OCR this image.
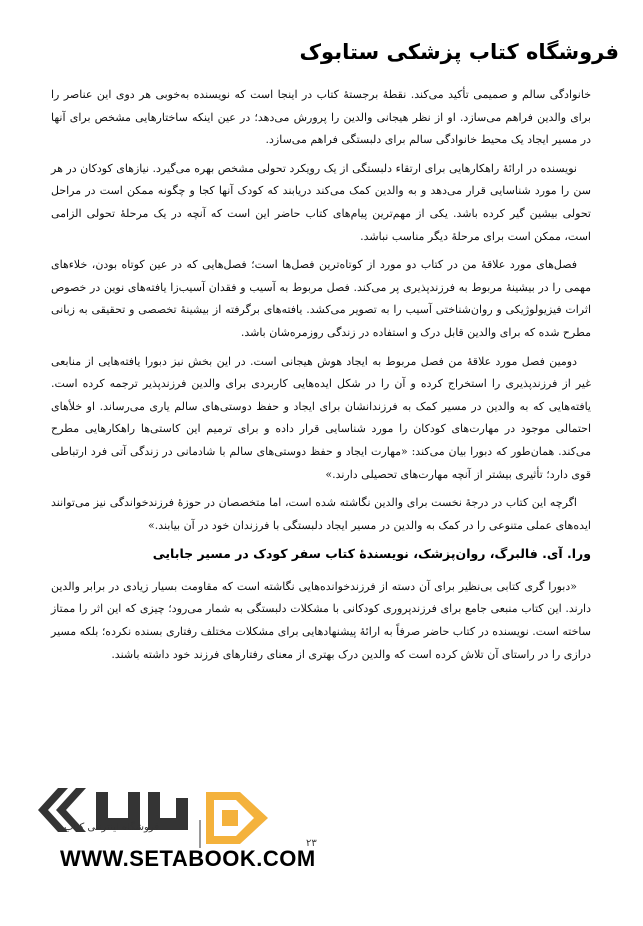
فروشگاه کتاب پزشکی ستابوک

خانوادگی سالم و صمیمی تأکید می‌کند. نقطهٔ برجستهٔ کتاب در اینجا است که نویسنده به‌خوبی هر دوی این عناصر را برای والدین فراهم می‌سازد. او از نظر هیجانی والدین را پرورش می‌دهد؛ در عین اینکه ساختارهایی مشخص برای آنها در مسیر ایجاد یک محیط خانوادگی سالم برای دلبستگی فراهم می‌سازد.

نویسنده در ارائهٔ راهکارهایی برای ارتقاء دلبستگی از یک رویکرد تحولی مشخص بهره می‌گیرد. نیازهای کودکان در هر سن را مورد شناسایی قرار می‌دهد و به والدین کمک می‌کند دریابند که کودک آنها کجا و چگونه ممکن است در مراحل تحولی بیشین گیر کرده باشد. یکی از مهم‌ترین پیام‌های کتاب حاضر این است که آنچه در یک مرحلهٔ تحولی الزامی است، ممکن است برای مرحلهٔ دیگر مناسب نباشد.

فصل‌های مورد علاقهٔ من در کتاب دو مورد از کوتاه‌ترین فصل‌ها است؛ فصل‌هایی که در عین کوتاه بودن، خلاءهای مهمی را در بیشینهٔ مربوط به فرزندپذیری پر می‌کند. فصل مربوط به آسیب و فقدان آسیب‌زا یافته‌های نوین در خصوص اثرات فیزیولوژیکی و روان‌شناختی آسیب را به تصویر می‌کشد. یافته‌های برگرفته از بیشینهٔ تخصصی و تحقیقی به زبانی مطرح شده که برای والدین قابل درک و استفاده در زندگی روزمره‌شان باشد.

دومین فصل مورد علاقهٔ من فصل مربوط به ایجاد هوش هیجانی است. در این بخش نیز دبورا یافته‌هایی از منابعی غیر از فرزندپذیری را استخراج کرده و آن را در شکل ایده‌هایی کاربردی برای والدین فرزندپذیر ترجمه کرده است. یافته‌هایی که به والدین در مسیر کمک به فرزندانشان برای ایجاد و حفظ دوستی‌های سالم یاری می‌رساند. او خلأهای احتمالی موجود در مهارت‌های کودکان را مورد شناسایی قرار داده و برای ترمیم این کاستی‌ها راهکارهایی مطرح می‌کند. همان‌طور که دبورا بیان می‌کند: «مهارت ایجاد و حفظ دوستی‌های سالم با شادمانی در زندگی آتی فرد ارتباطی قوی دارد؛ تأثیری بیشتر از آنچه مهارت‌های تحصیلی دارند.»

اگرچه این کتاب در درجهٔ نخست برای والدین نگاشته شده است، اما متخصصان در حوزهٔ فرزندخواندگی نیز می‌توانند ایده‌های عملی متنوعی را در کمک به والدین در مسیر ایجاد دلبستگی با فرزندان خود در آن بیابند.»

ورا. آی. فالبرگ، روان‌پزشک، نویسندهٔ کتاب سفر کودک در مسیر جابایی

«دبورا گری کتابی بی‌نظیر برای آن دسته از فرزندخوانده‌هایی نگاشته است که مقاومت بسیار زیادی در برابر والدین دارند. این کتاب منبعی جامع برای فرزندپروری کودکانی با مشکلات دلبستگی به شمار می‌رود؛ چیزی که این اثر را ممتاز ساخته است. نویسنده در کتاب حاضر صرفاً به ارائهٔ پیشنهادهایی برای مشکلات مختلف رفتاری بسنده نکرده؛ بلکه مسیر درازی را در راستای آن تلاش کرده است که والدین درک بهتری از معنای رفتارهای فرزند خود داشته باشند.

فروشگاه اینترنتی کتاب
WWW.SETABOOK.COM
۲۳
